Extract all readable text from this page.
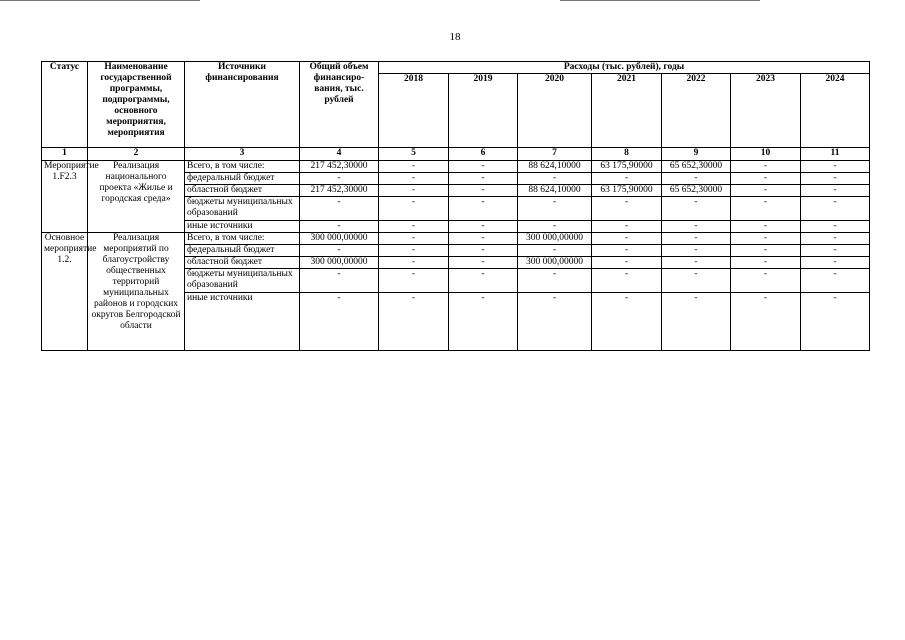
18
Статус	Наименование государственной программы, подпрограммы, основного мероприятия, мероприятия	Источники финансирования	Общий объем финансиро-вания, тыс. рублей	Расходы (тыс. рублей), годы						
				2018	2019	2020	2021	2022	2023	2024
1	2	3	4	5	6	7	8	9	10	11
Мероприятие 1.F2.3	Реализация национального проекта «Жилье и городская среда»	Всего, в том числе:	217 452,30000	-	-	88 624,10000	63 175,90000	65 652,30000	-	-
		федеральный бюджет	-	-	-	-	-	-	-	-
		областной бюджет	217 452,30000	-	-	88 624,10000	63 175,90000	65 652,30000	-	-
		бюджеты муниципальных образований	-	-	-	-	-	-	-	-
		иные источники	-	-	-	-	-	-	-	-
Основное мероприятие 1.2.	Реализация мероприятий по благоустройству общественных территорий муниципальных районов и городских округов Белгородской области	Всего, в том числе:	300 000,00000	-	-	300 000,00000	-	-	-	-
		федеральный бюджет	-	-	-	-	-	-	-	-
		областной бюджет	300 000,00000	-	-	300 000,00000	-	-	-	-
		бюджеты муниципальных образований	-	-	-	-	-	-	-	-
		иные источники	-	-	-	-	-	-	-	-
